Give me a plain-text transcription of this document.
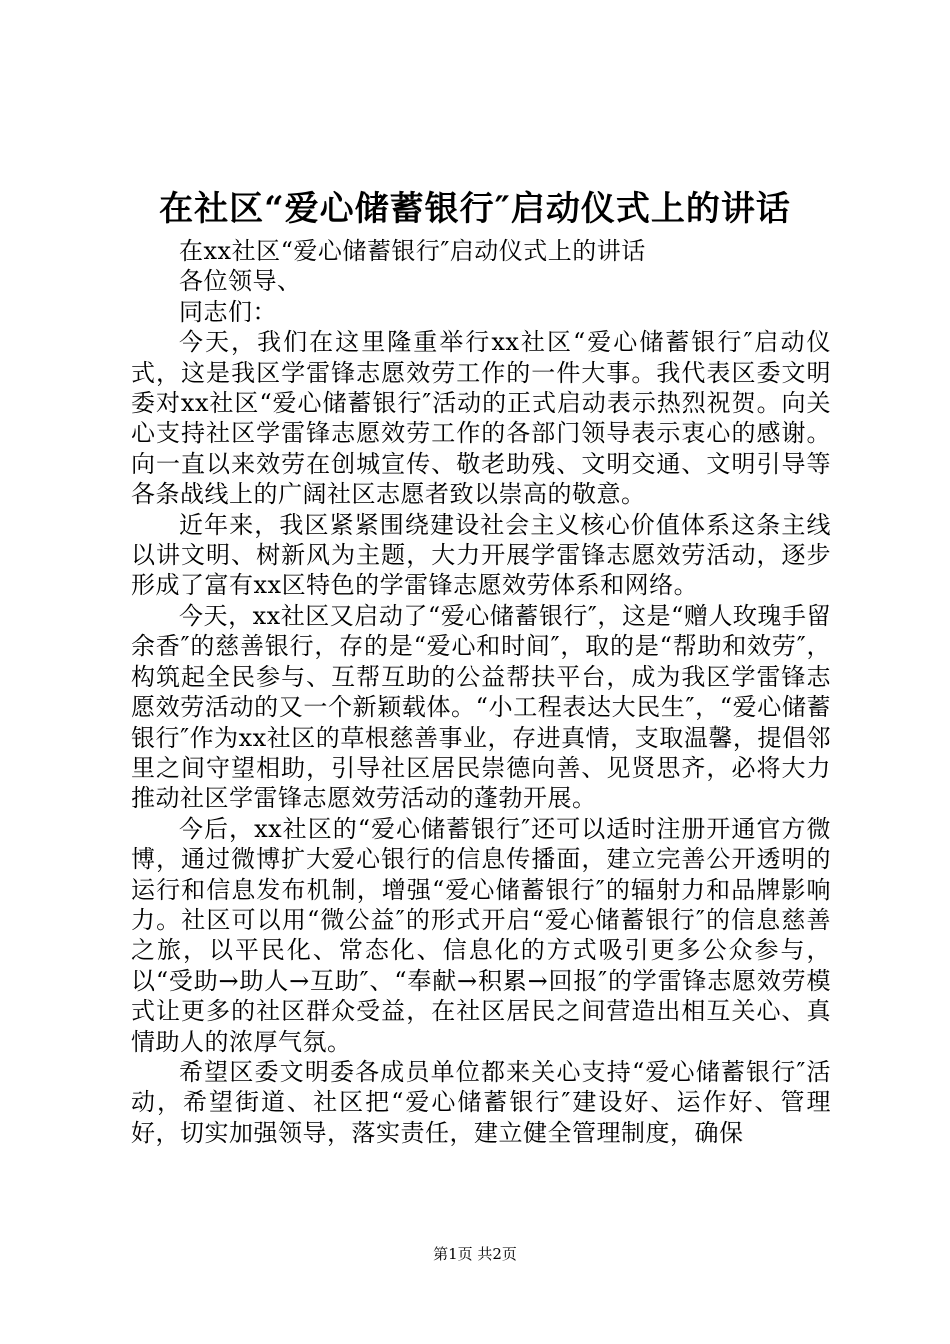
在社区“爱心储蓄银行″启动仪式上的讲话

在xx社区“爱心储蓄银行″启动仪式上的讲话

各位领导、

同志们：

今天，我们在这里隆重举行xx社区“爱心储蓄银行″启动仪式，这是我区学雷锋志愿效劳工作的一件大事。我代表区委文明委对xx社区“爱心储蓄银行″活动的正式启动表示热烈祝贺。向关心支持社区学雷锋志愿效劳工作的各部门领导表示衷心的感谢。向一直以来效劳在创城宣传、敬老助残、文明交通、文明引导等各条战线上的广阔社区志愿者致以崇高的敬意。

近年来，我区紧紧围绕建设社会主义核心价值体系这条主线以讲文明、树新风为主题，大力开展学雷锋志愿效劳活动，逐步形成了富有xx区特色的学雷锋志愿效劳体系和网络。

今天，xx社区又启动了“爱心储蓄银行″，这是“赠人玫瑰手留余香″的慈善银行，存的是“爱心和时间″，取的是“帮助和效劳″，构筑起全民参与、互帮互助的公益帮扶平台，成为我区学雷锋志愿效劳活动的又一个新颖载体。“小工程表达大民生″，“爱心储蓄银行″作为xx社区的草根慈善事业，存进真情，支取温馨，提倡邻里之间守望相助，引导社区居民崇德向善、见贤思齐，必将大力推动社区学雷锋志愿效劳活动的蓬勃开展。

今后，xx社区的“爱心储蓄银行″还可以适时注册开通官方微博，通过微博扩大爱心银行的信息传播面，建立完善公开透明的运行和信息发布机制，增强“爱心储蓄银行″的辐射力和品牌影响力。社区可以用“微公益″的形式开启“爱心储蓄银行″的信息慈善之旅，以平民化、常态化、信息化的方式吸引更多公众参与，以“受助→助人→互助″、“奉献→积累→回报″的学雷锋志愿效劳模式让更多的社区群众受益，在社区居民之间营造出相互关心、真情助人的浓厚气氛。

希望区委文明委各成员单位都来关心支持“爱心储蓄银行″活动，希望街道、社区把“爱心储蓄银行″建设好、运作好、管理好，切实加强领导，落实责任，建立健全管理制度，确保

第1页 共2页
